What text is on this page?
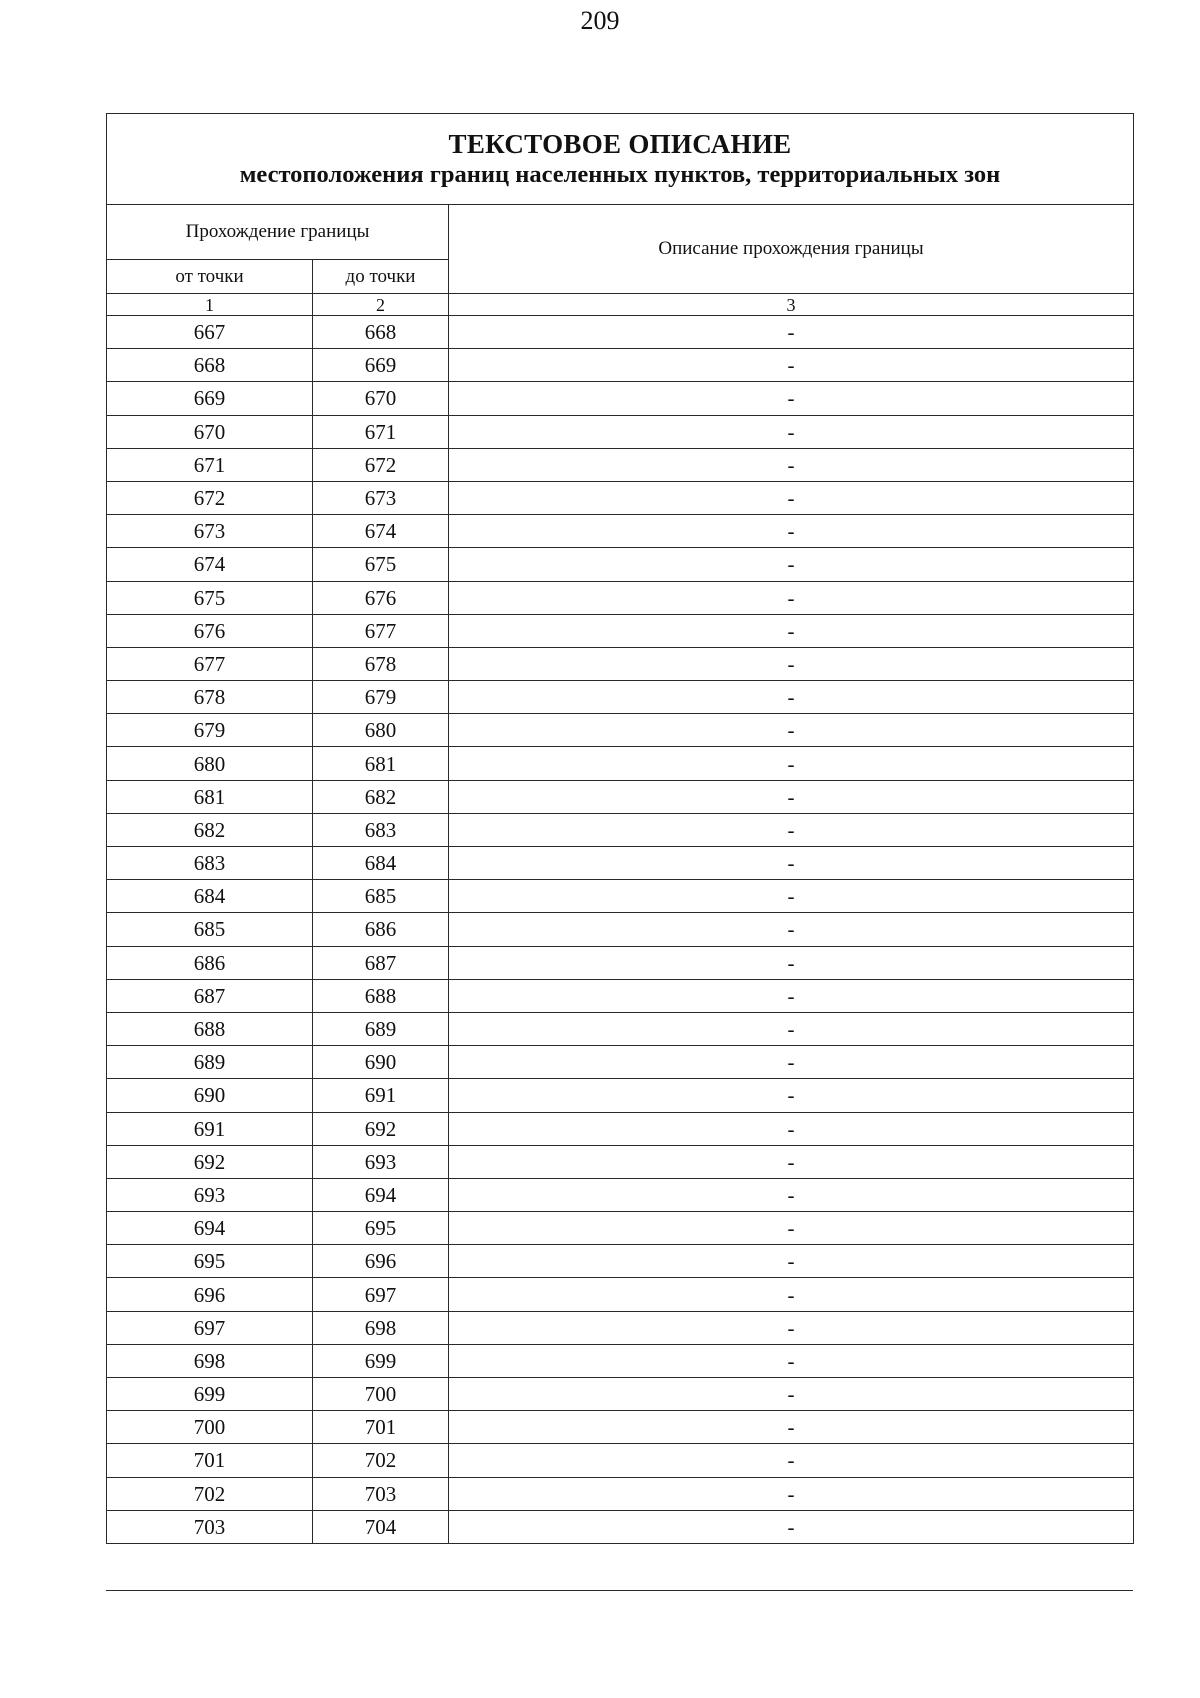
209
ТЕКСТОВОЕ ОПИСАНИЕ
местоположения границ населенных пунктов, территориальных зон		

Прохождение границы		Описание прохождения границы
от точки	до точки	
1	2	3
667	668	-
668	669	-
669	670	-
670	671	-
671	672	-
672	673	-
673	674	-
674	675	-
675	676	-
676	677	-
677	678	-
678	679	-
679	680	-
680	681	-
681	682	-
682	683	-
683	684	-
684	685	-
685	686	-
686	687	-
687	688	-
688	689	-
689	690	-
690	691	-
691	692	-
692	693	-
693	694	-
694	695	-
695	696	-
696	697	-
697	698	-
698	699	-
699	700	-
700	701	-
701	702	-
702	703	-
703	704	-
